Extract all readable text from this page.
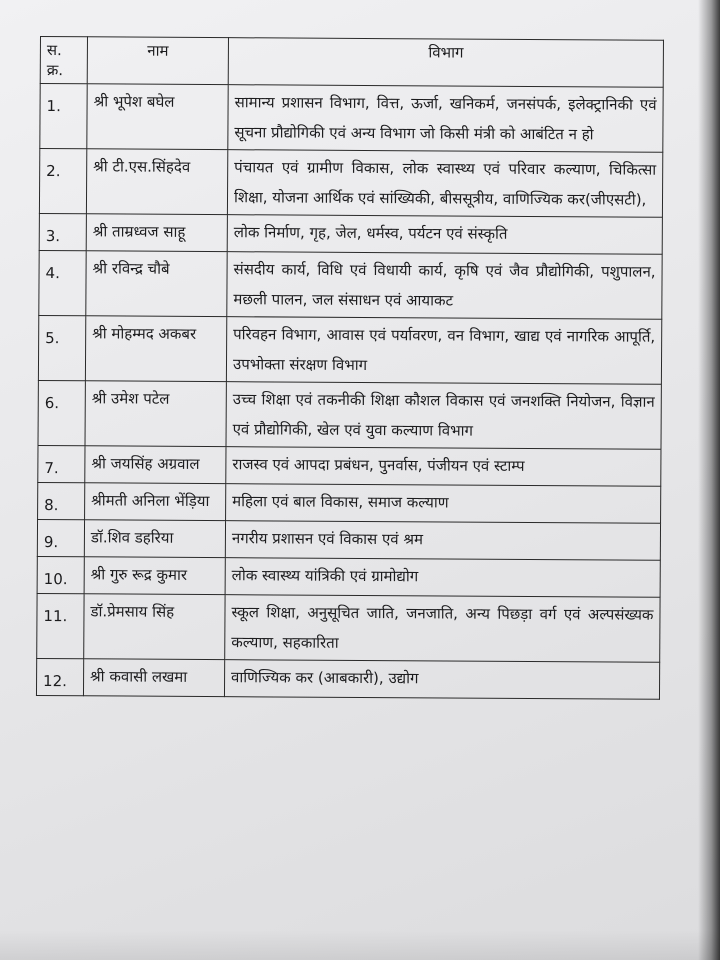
स. क्र.	नाम	विभाग
1.	श्री भूपेश बघेल	सामान्य प्रशासन विभाग, वित्त, ऊर्जा, खनिकर्म, जनसंपर्क, इलेक्ट्रानिकी एवं सूचना प्रौद्योगिकी एवं अन्य विभाग जो किसी मंत्री को आबंटित न हो
2.	श्री टी.एस.सिंहदेव	पंचायत एवं ग्रामीण विकास, लोक स्वास्थ्य एवं परिवार कल्याण, चिकित्सा शिक्षा, योजना आर्थिक एवं सांख्यिकी, बीससूत्रीय, वाणिज्यिक कर(जीएसटी),
3.	श्री ताम्रध्वज साहू	लोक निर्माण, गृह, जेल, धर्मस्व, पर्यटन एवं संस्कृति
4.	श्री रविन्द्र चौबे	संसदीय कार्य, विधि एवं विधायी कार्य, कृषि एवं जैव प्रौद्योगिकी, पशुपालन, मछली पालन, जल संसाधन एवं आयाकट
5.	श्री मोहम्मद अकबर	परिवहन विभाग, आवास एवं पर्यावरण, वन विभाग, खाद्य एवं नागरिक आपूर्ति, उपभोक्ता संरक्षण विभाग
6.	श्री उमेश पटेल	उच्च शिक्षा एवं तकनीकी शिक्षा कौशल विकास एवं जनशक्ति नियोजन, विज्ञान एवं प्रौद्योगिकी, खेल एवं युवा कल्याण विभाग
7.	श्री जयसिंह अग्रवाल	राजस्व एवं आपदा प्रबंधन, पुनर्वास, पंजीयन एवं स्टाम्प
8.	श्रीमती अनिला भेंड़िया	महिला एवं बाल विकास, समाज कल्याण
9.	डॉ.शिव डहरिया	नगरीय प्रशासन एवं विकास एवं श्रम
10.	श्री गुरु रूद्र कुमार	लोक स्वास्थ्य यांत्रिकी एवं ग्रामोद्योग
11.	डॉ.प्रेमसाय सिंह	स्कूल शिक्षा, अनुसूचित जाति, जनजाति, अन्य पिछड़ा वर्ग एवं अल्पसंख्यक कल्याण, सहकारिता
12.	श्री कवासी लखमा	वाणिज्यिक कर (आबकारी), उद्योग
